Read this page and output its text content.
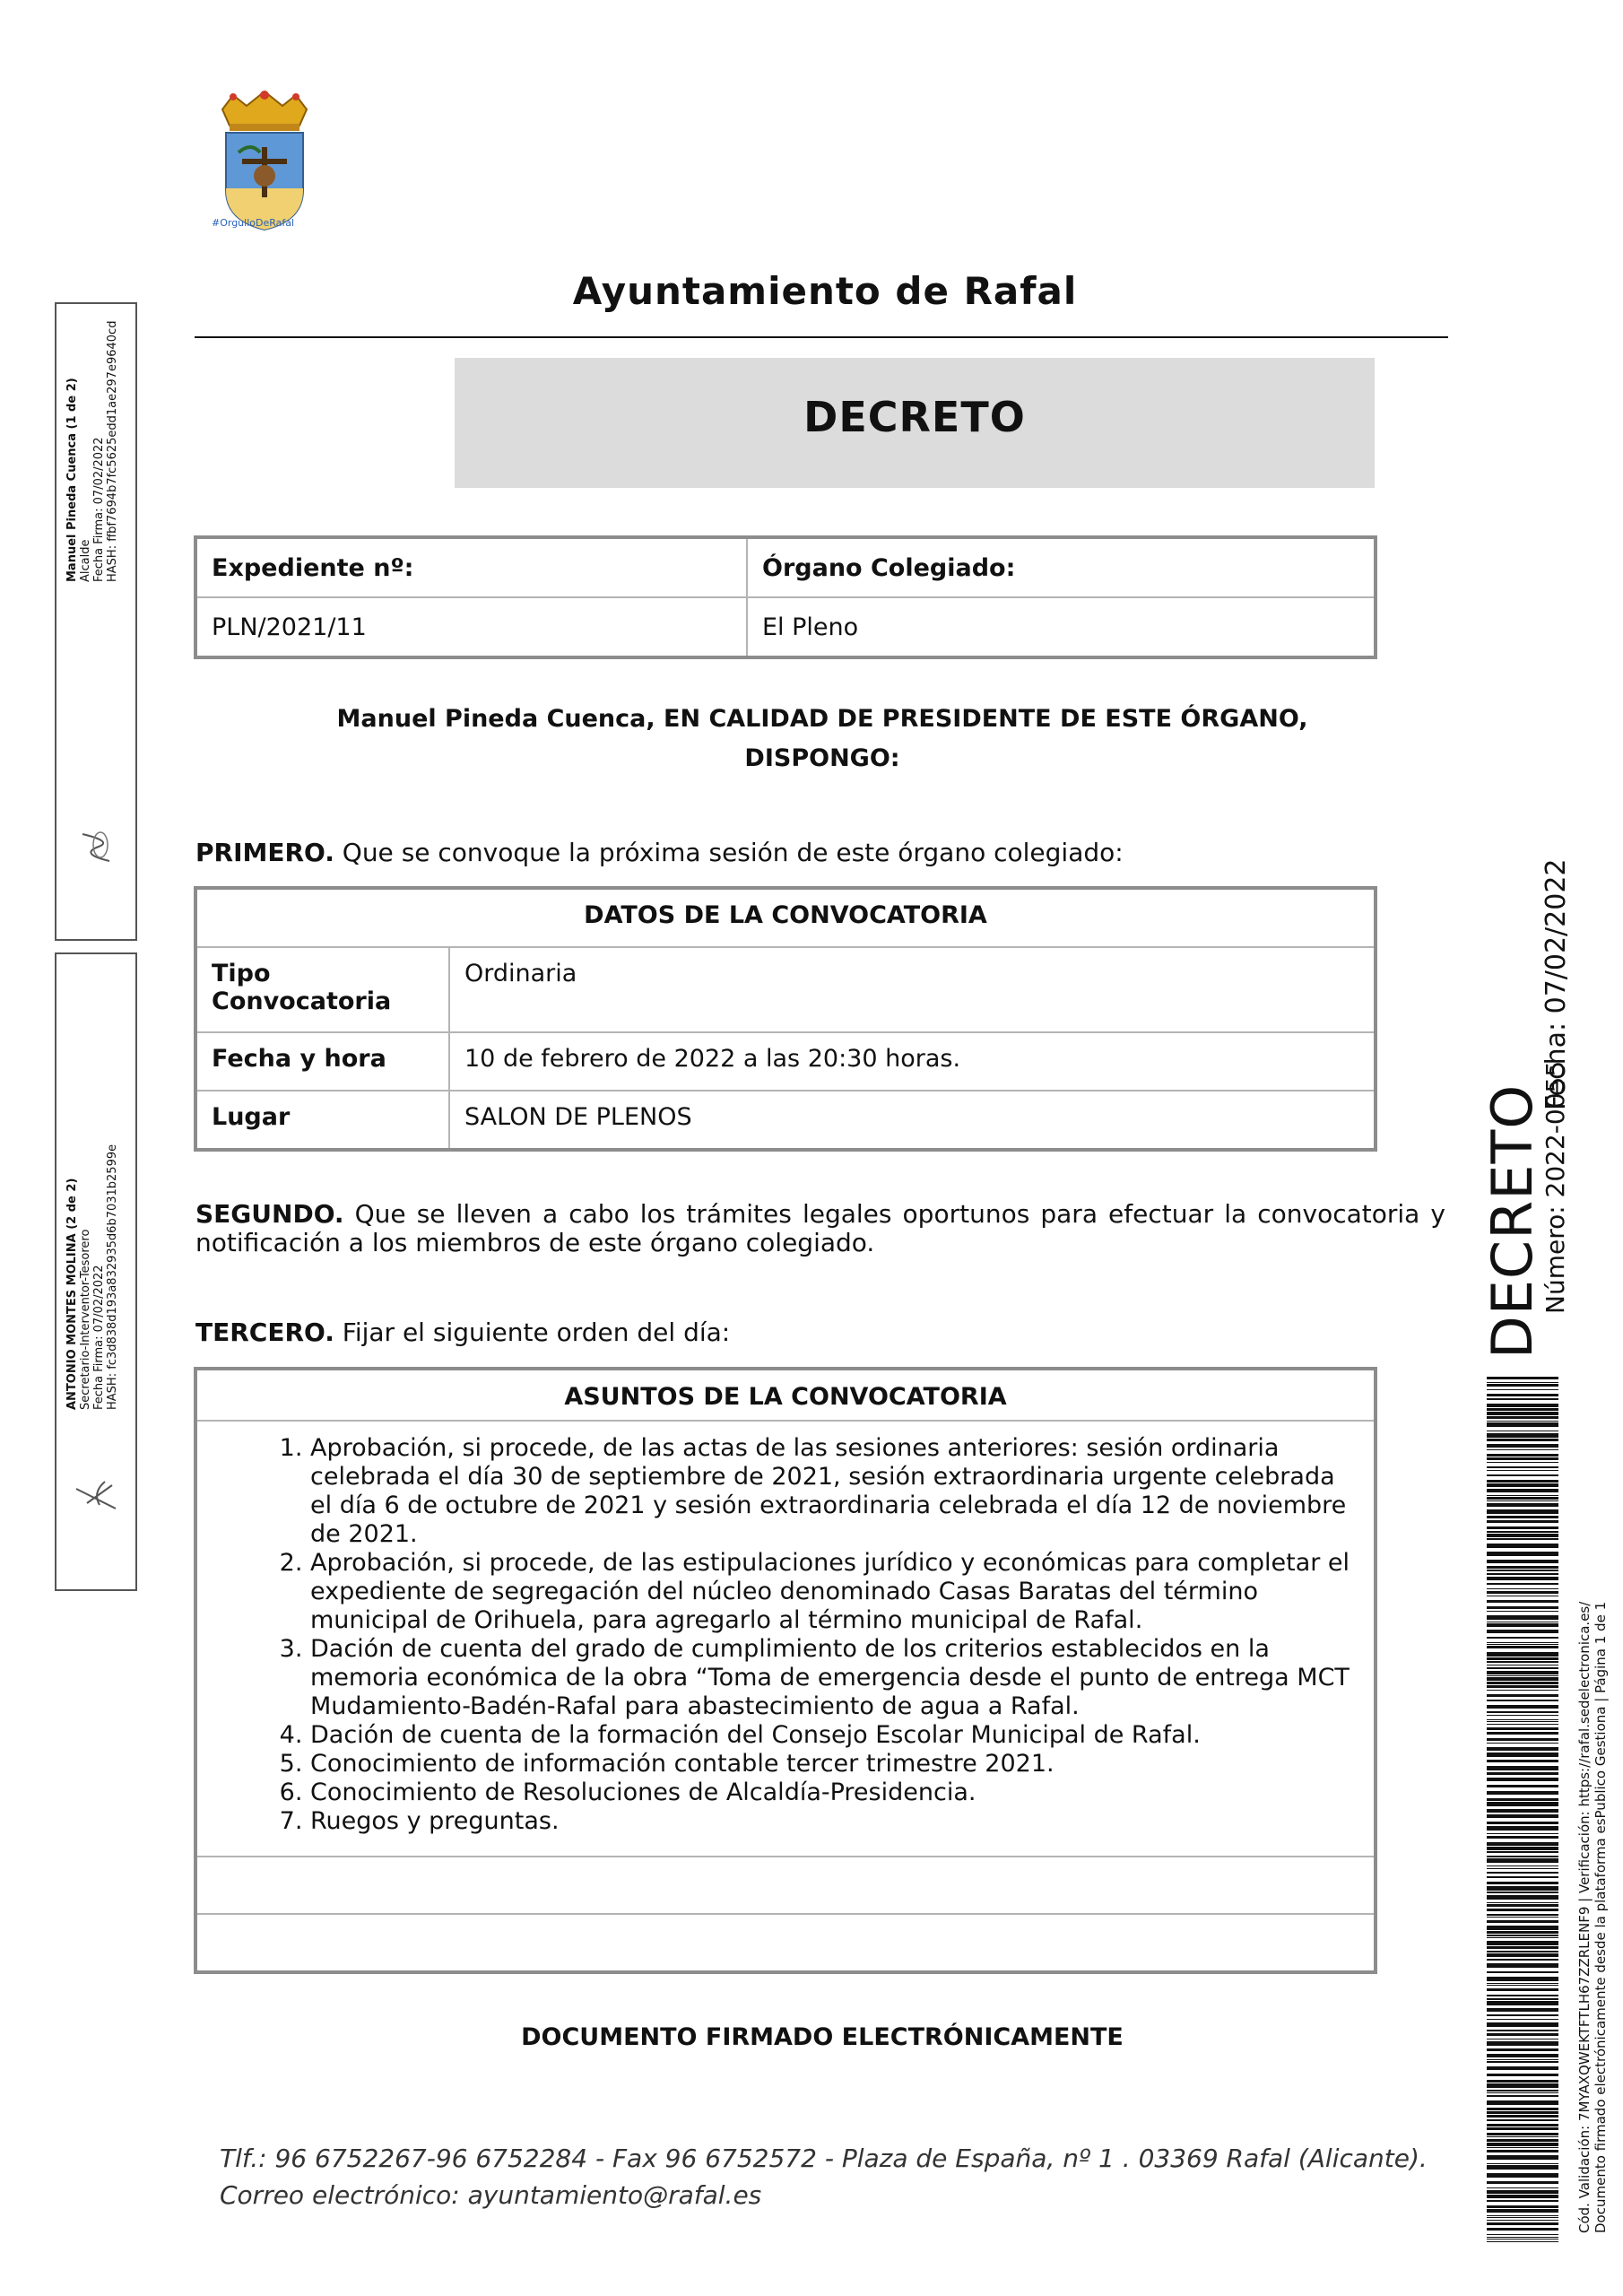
#OrgulloDeRafal
Ayuntamiento de Rafal
DECRETO
Expediente nº:	Órgano Colegiado:
PLN/2021/11	El Pleno
Manuel Pineda Cuenca, EN CALIDAD DE PRESIDENTE DE ESTE ÓRGANO,
DISPONGO:
PRIMERO. Que se convoque la próxima sesión de este órgano colegiado:
DATOS DE LA CONVOCATORIA	
Tipo Convocatoria	Ordinaria
Fecha y hora	10 de febrero de 2022 a las 20:30 horas.
Lugar	SALON DE PLENOS
SEGUNDO. Que se lleven a cabo los trámites legales oportunos para efectuar la convocatoria y notificación a los miembros de este órgano colegiado.
TERCERO. Fijar el siguiente orden del día:
ASUNTOS DE LA CONVOCATORIA

1. Aprobación, si procede, de las actas de las sesiones anteriores: sesión ordinaria celebrada el día 30 de septiembre de 2021, sesión extraordinaria urgente celebrada el día 6 de octubre de 2021 y sesión extraordinaria celebrada el día 12 de noviembre de 2021.
2. Aprobación, si procede, de las estipulaciones jurídico y económicas para completar el expediente de segregación del núcleo denominado Casas Baratas del término municipal de Orihuela, para agregarlo al término municipal de Rafal.
3. Dación de cuenta del grado de cumplimiento de los criterios establecidos en la memoria económica de la obra “Toma de emergencia desde el punto de entrega MCT Mudamiento-Badén-Rafal para abastecimiento de agua a Rafal.
4. Dación de cuenta de la formación del Consejo Escolar Municipal de Rafal.
5. Conocimiento de información contable tercer trimestre 2021.
6. Conocimiento de Resoluciones de Alcaldía-Presidencia.
7. Ruegos y preguntas.

DOCUMENTO FIRMADO ELECTRÓNICAMENTE
Tlf.: 96 6752267-96 6752284 - Fax 96 6752572 - Plaza de España, nº 1 . 03369 Rafal (Alicante).
Correo electrónico: ayuntamiento@rafal.es
Manuel Pineda Cuenca (1 de 2) Alcalde Fecha Firma: 07/02/2022 HASH: ffbf7694b7fc5625edd1ae297e9640cd
ANTONIO MONTES MOLINA (2 de 2) Secretario-Interventor-Tesorero Fecha Firma: 07/02/2022 HASH: fc3d838d193a832935d6b7031b2599e	DECRETO
Número: 2022-0055
Fecha: 07/02/2022
Cód. Validación: 7MYAXQWEKTFTLH67ZZRLENF9 | Verificación: https://rafal.sedelectronica.es/ Documento firmado electrónicamente desde la plataforma esPublico Gestiona | Página 1 de 1
